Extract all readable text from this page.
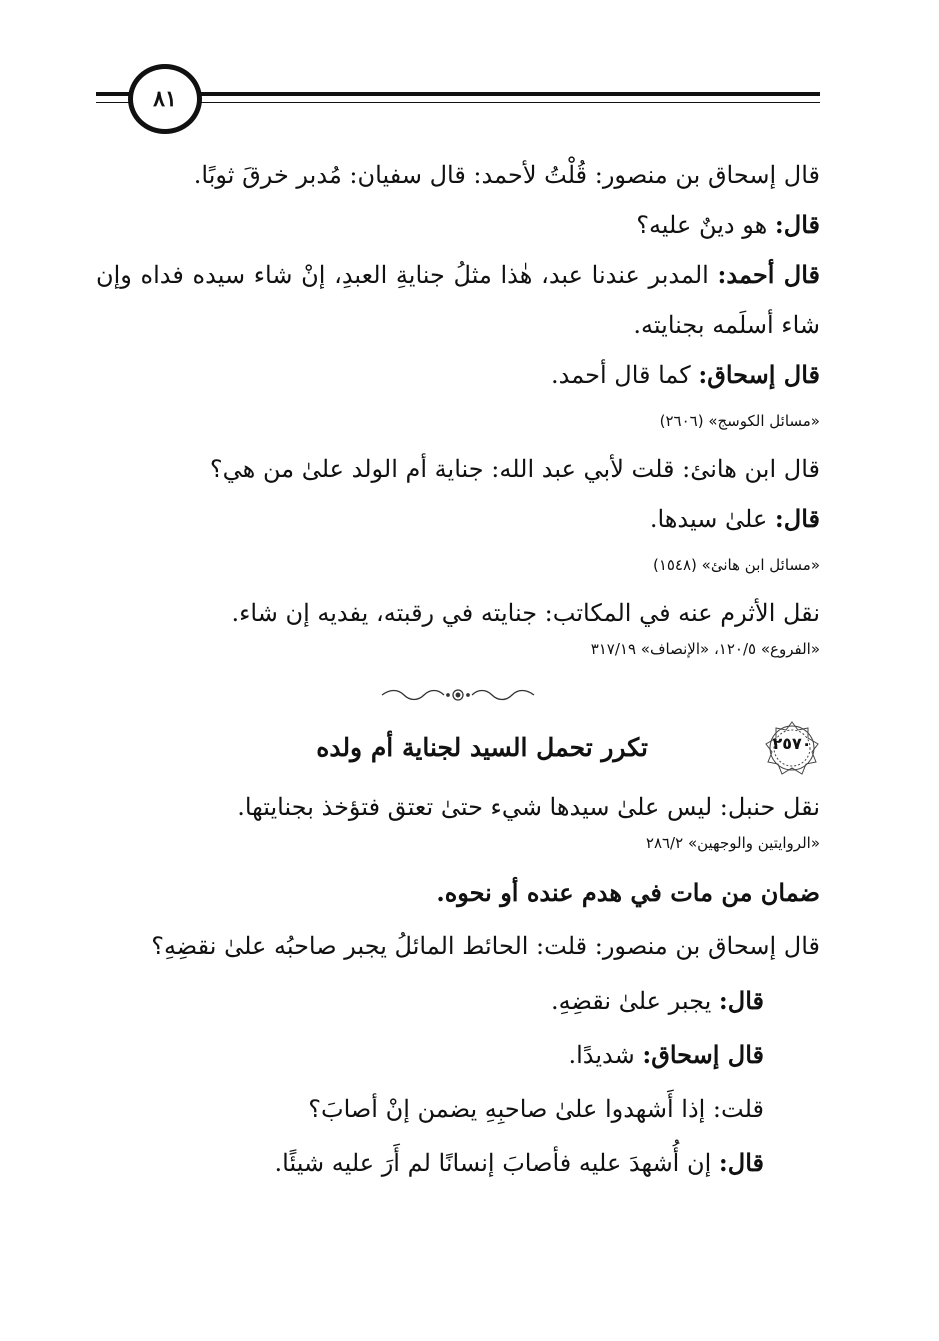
٨١

قال إسحاق بن منصور: قُلْتُ لأحمد: قال سفيان: مُدبر خرقَ ثوبًا.

قال: هو دينٌ عليه؟

قال أحمد: المدبر عندنا عبد، هٰذا مثلُ جنايةِ العبدِ، إنْ شاء سيده فداه وإن شاء أسلَمه بجنايته.

قال إسحاق: كما قال أحمد.

«مسائل الكوسج» (٢٦٠٦)

قال ابن هانئ: قلت لأبي عبد الله: جناية أم الولد علىٰ من هي؟

قال: علىٰ سيدها.

«مسائل ابن هانئ» (١٥٤٨)

نقل الأثرم عنه في المكاتب: جنايته في رقبته، يفديه إن شاء.

«الفروع» ١٢٠/٥، «الإنصاف» ٣١٧/١٩
٢٥٧٠
تكرر تحمل السيد لجناية أم ولده

نقل حنبل: ليس علىٰ سيدها شيء حتىٰ تعتق فتؤخذ بجنايتها.

«الروايتين والوجهين» ٢٨٦/٢

ضمان من مات في هدم عنده أو نحوه.

قال إسحاق بن منصور: قلت: الحائط المائلُ يجبر صاحبُه علىٰ نقضِهِ؟

قال: يجبر علىٰ نقضِهِ.

قال إسحاق: شديدًا.

قلت: إذا أَشهدوا علىٰ صاحبِهِ يضمن إنْ أصابَ؟

قال: إن أُشهدَ عليه فأصابَ إنسانًا لم أَرَ عليه شيئًا.
